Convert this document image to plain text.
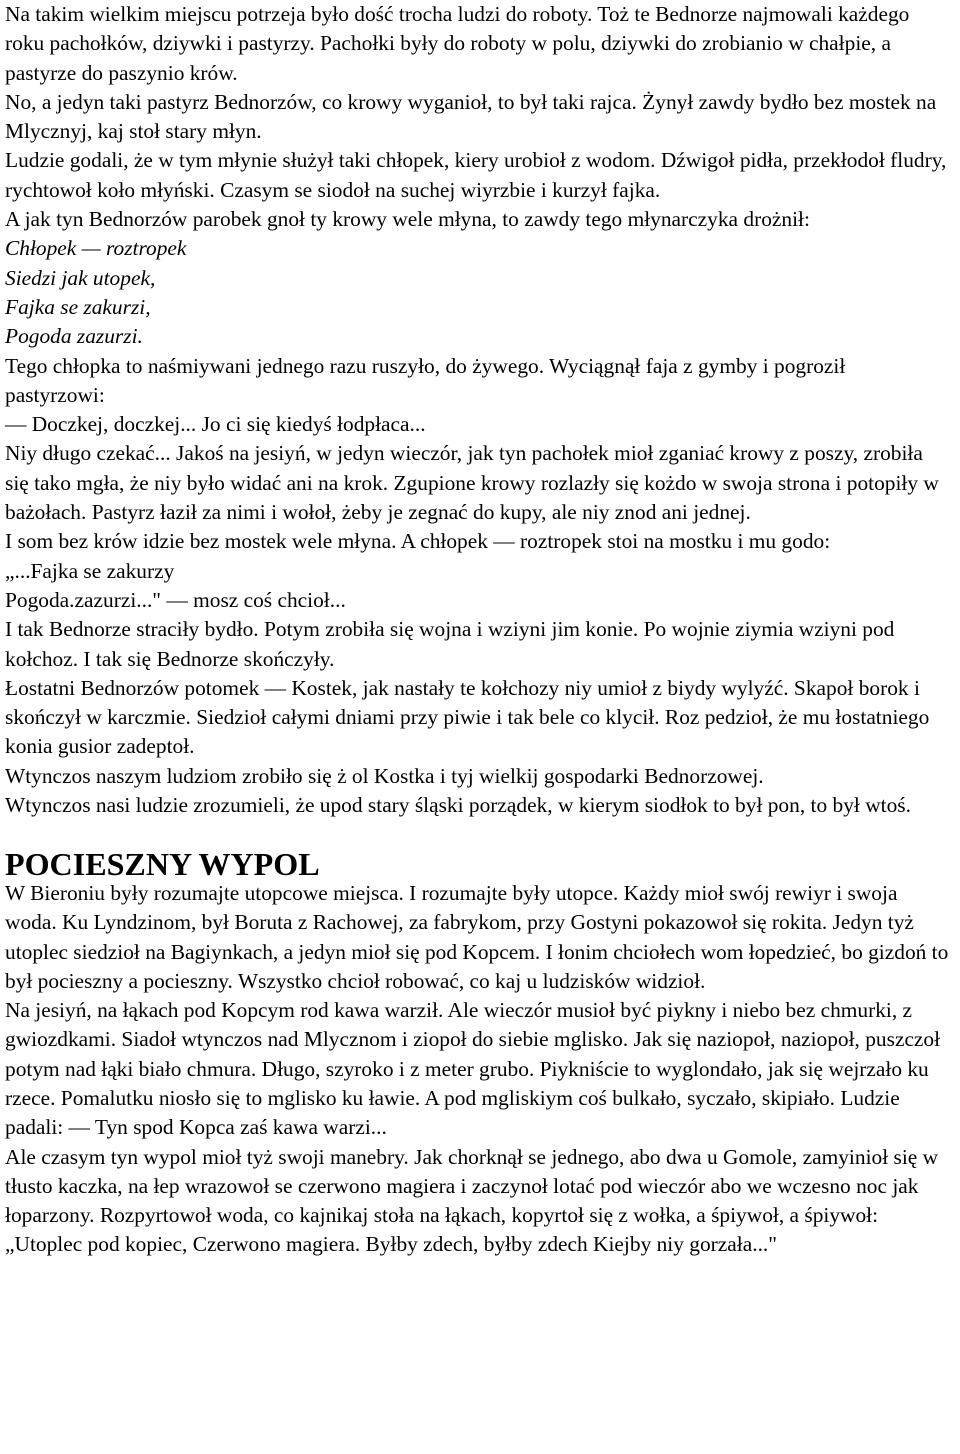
Na takim wielkim miejscu potrzeja było dość trocha ludzi do roboty. Toż te Bednorze najmowali każdego roku pachołków, dziywki i pastyrzy. Pachołki były do roboty w polu, dziywki do zrobianio w chałpie, a pastyrze do paszynio krów.

No, a jedyn taki pastyrz Bednorzów, co krowy wyganioł, to był taki rajca. Żynył zawdy bydło bez mostek na Mlycznyj, kaj stoł stary młyn.

Ludzie godali, że w tym młynie służył taki chłopek, kiery urobioł z wodom. Dźwigoł pidła, przekłodoł fludry, rychtowoł koło młyński. Czasym se siodoł na suchej wiyrzbie i kurzył fajka.

A jak tyn Bednorzów parobek gnoł ty krowy wele młyna, to zawdy tego młynarczyka drożnił:

Chłopek — roztropek

Siedzi jak utopek,

Fajka se zakurzi,

Pogoda zazurzi.

Tego chłopka to naśmiywani jednego razu ruszyło, do żywego. Wyciągnął faja z gymby i pogroził pastyrzowi:

— Doczkej, doczkej... Jo ci się kiedyś łodpłaca...

Niy długo czekać... Jakoś na jesiyń, w jedyn wieczór, jak tyn pachołek mioł zganiać krowy z poszy, zrobiła się tako mgła, że niy było widać ani na krok. Zgupione krowy rozlazły się kożdo w swoja strona i potopiły w bażołach. Pastyrz łaził za nimi i wołoł, żeby je zegnać do kupy, ale niy znod ani jednej.

I som bez krów idzie bez mostek wele młyna. A chłopek — roztropek stoi na mostku i mu godo:

„...Fajka se zakurzy

Pogoda.zazurzi..." — mosz coś chcioł...

I tak Bednorze straciły bydło. Potym zrobiła się wojna i wziyni jim konie. Po wojnie ziymia wziyni pod kołchoz. I tak się Bednorze skończyły.

Łostatni Bednorzów potomek — Kostek, jak nastały te kołchozy niy umioł z biydy wylyźć. Skapoł borok i skończył w karczmie. Siedzioł całymi dniami przy piwie i tak bele co klycił. Roz pedzioł, że mu łostatniego konia gusior zadeptoł.

Wtynczos naszym ludziom zrobiło się ż ol Kostka i tyj wielkij gospodarki Bednorzowej.

Wtynczos nasi ludzie zrozumieli, że upod stary śląski porządek, w kierym siodłok to był pon, to był wtoś.

POCIESZNY WYPOL

W Bieroniu były rozumajte utopcowe miejsca. I rozumajte były utopce. Każdy mioł swój rewiyr i swoja woda. Ku Lyndzinom, był Boruta z Rachowej, za fabrykom, przy Gostyni pokazowoł się rokita. Jedyn tyż utoplec siedzioł na Bagiynkach, a jedyn mioł się pod Kopcem. I łonim chciołech wom łopedzieć, bo gizdoń to był pocieszny a pocieszny. Wszystko chcioł robować, co kaj u ludzisków widzioł.

Na jesiyń, na łąkach pod Kopcym rod kawa warził. Ale wieczór musioł być piykny i niebo bez chmurki, z gwiozdkami. Siadoł wtynczos nad Mlycznom i ziopoł do siebie mglisko. Jak się naziopoł, naziopoł, puszczoł potym nad łąki biało chmura. Długo, szyroko i z meter grubo. Piykniście to wyglondało, jak się wejrzało ku rzece. Pomalutku niosło się to mglisko ku ławie. A pod mgliskiym coś bulkało, syczało, skipiało. Ludzie padali: — Tyn spod Kopca zaś kawa warzi...

Ale czasym tyn wypol mioł tyż swoji manebry. Jak chorknął se jednego, abo dwa u Gomole, zamyinioł się w tłusto kaczka, na łep wrazowoł se czerwono magiera i zaczynoł lotać pod wieczór abo we wczesno noc jak łoparzony. Rozpyrtowoł woda, co kajnikaj stoła na łąkach, kopyrtoł się z wołka, a śpiywoł, a śpiywoł:

„Utoplec pod kopiec, Czerwono magiera. Byłby zdech, byłby zdech Kiejby niy gorzała..."
